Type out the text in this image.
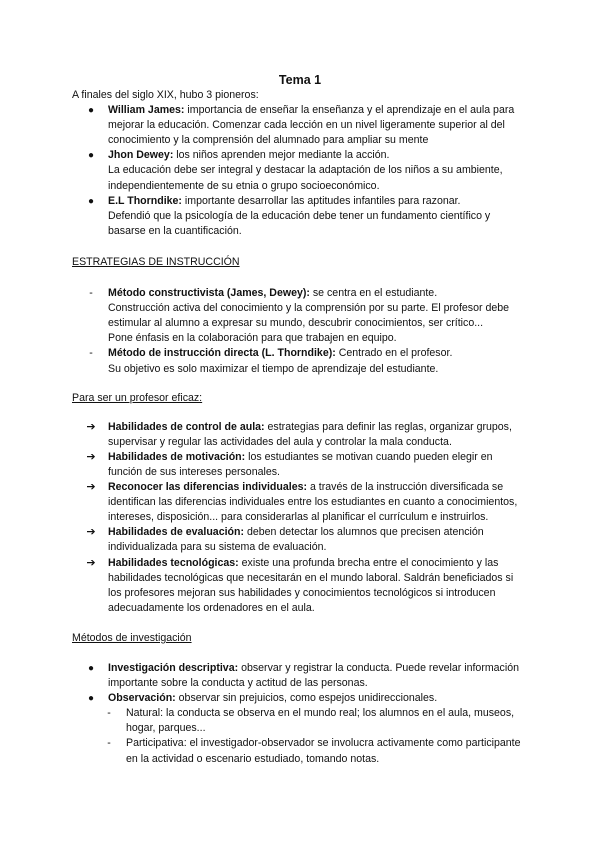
Tema 1
A finales del siglo XIX, hubo 3 pioneros:
●	William James: importancia de enseñar la enseñanza y el aprendizaje en el aula para mejorar la educación. Comenzar cada lección en un nivel ligeramente superior al del conocimiento y la comprensión del alumnado para ampliar su mente
●	Jhon Dewey: los niños aprenden mejor mediante la acción.
La educación debe ser integral y destacar la adaptación de los niños a su ambiente, independientemente de su etnia o grupo socioeconómico.
●	E.L Thorndike: importante desarrollar las aptitudes infantiles para razonar.
Defendió que la psicología de la educación debe tener un fundamento científico y basarse en la cuantificación.
ESTRATEGIAS DE INSTRUCCIÓN
-	Método constructivista (James, Dewey): se centra en el estudiante.
Construcción activa del conocimiento y la comprensión por su parte. El profesor debe estimular al alumno a expresar su mundo, descubrir conocimientos, ser crítico...
Pone énfasis en la colaboración para que trabajen en equipo.
-	Método de instrucción directa (L. Thorndike): Centrado en el profesor.
Su objetivo es solo maximizar el tiempo de aprendizaje del estudiante.
Para ser un profesor eficaz:
➔ Habilidades de control de aula: estrategias para definir las reglas, organizar grupos, supervisar y regular las actividades del aula y controlar la mala conducta.
➔ Habilidades de motivación: los estudiantes se motivan cuando pueden elegir en función de sus intereses personales.
➔ Reconocer las diferencias individuales: a través de la instrucción diversificada se identifican las diferencias individuales entre los estudiantes en cuanto a conocimientos, intereses, disposición... para considerarlas al planificar el currículum e instruirlos.
➔ Habilidades de evaluación: deben detectar los alumnos que precisen atención individualizada para su sistema de evaluación.
➔ Habilidades tecnológicas: existe una profunda brecha entre el conocimiento y las habilidades tecnológicas que necesitarán en el mundo laboral. Saldrán beneficiados si los profesores mejoran sus habilidades y conocimientos tecnológicos si introducen adecuadamente los ordenadores en el aula.
Métodos de investigación
●	Investigación descriptiva: observar y registrar la conducta. Puede revelar información importante sobre la conducta y actitud de las personas.
●	Observación: observar sin prejuicios, como espejos unidireccionales.
-	Natural: la conducta se observa en el mundo real; los alumnos en el aula, museos, hogar, parques...
-	Participativa: el investigador-observador se involucra activamente como participante en la actividad o escenario estudiado, tomando notas.
